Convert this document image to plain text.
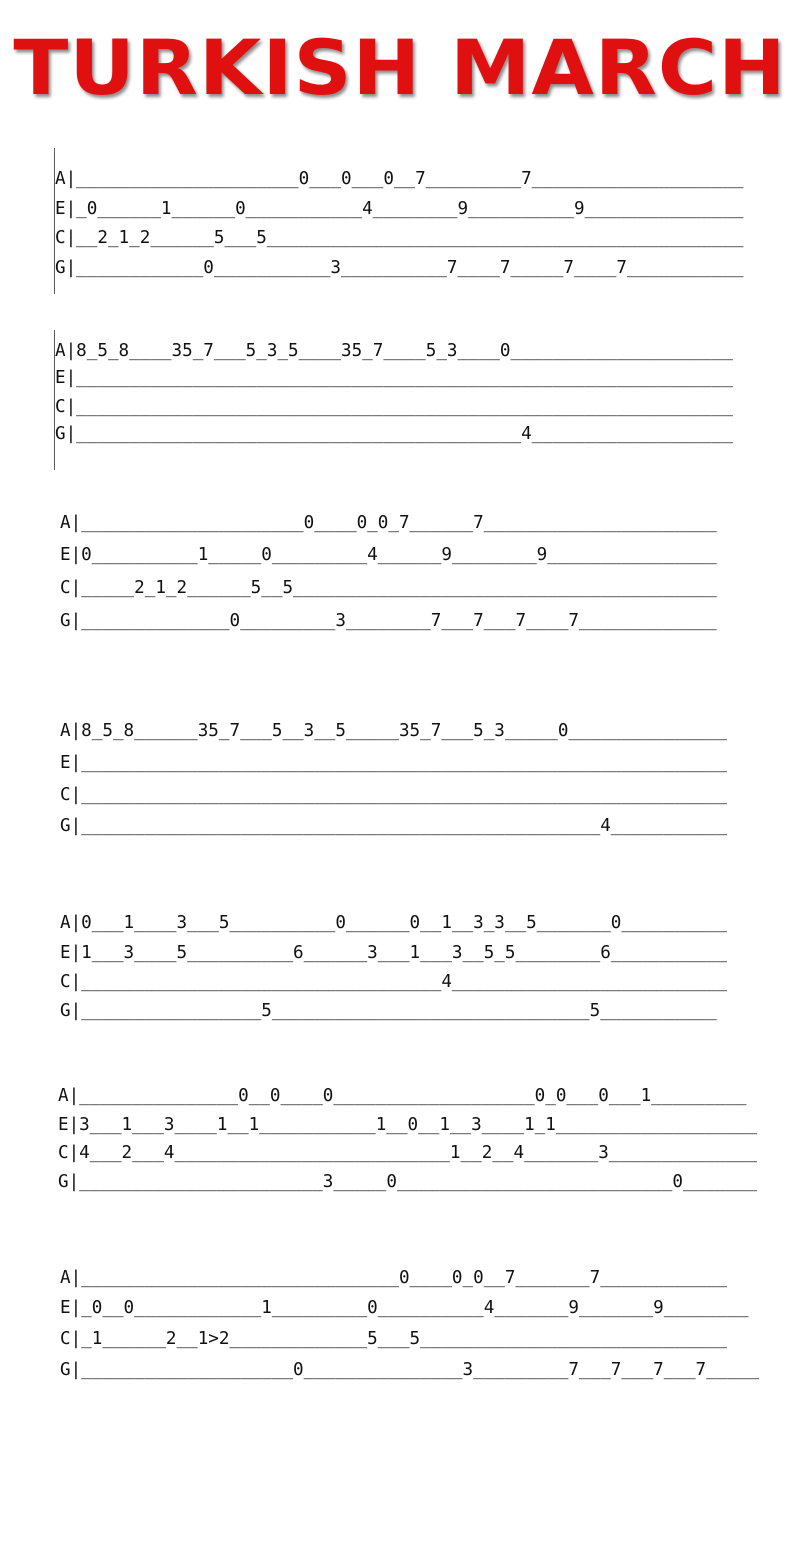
TURKISH MARCH
A|_____________________0___0___0__7_________7____________________
E|_0______1______0___________4________9__________9_______________
C|__2_1_2______5___5_____________________________________________
G|____________0___________3__________7____7_____7____7___________
A|8_5_8____35_7___5_3_5____35_7____5_3____0_____________________
E|______________________________________________________________
C|______________________________________________________________
G|__________________________________________4___________________
A|_____________________0____0_0_7______7______________________
E|0__________1_____0_________4______9________9________________
C|_____2_1_2______5__5________________________________________
G|______________0_________3________7___7___7____7_____________
A|8_5_8______35_7___5__3__5_____35_7___5_3_____0_______________
E|_____________________________________________________________
C|_____________________________________________________________
G|_________________________________________________4___________
A|0___1____3___5__________0______0__1__3_3__5_______0__________
E|1___3____5__________6______3___1___3__5_5________6___________
C|__________________________________4__________________________
G|_________________5______________________________5___________
A|_______________0__0____0___________________0_0___0___1_________
E|3___1___3____1__1___________1__0__1__3____1_1___________________
C|4___2___4__________________________1__2__4_______3______________
G|_______________________3_____0__________________________0_______
A|______________________________0____0_0__7_______7____________
E|_0__0____________1_________0__________4_______9_______9________
C|_1______2__1>2_____________5___5_____________________________
G|____________________0_______________3_________7___7___7___7_____
